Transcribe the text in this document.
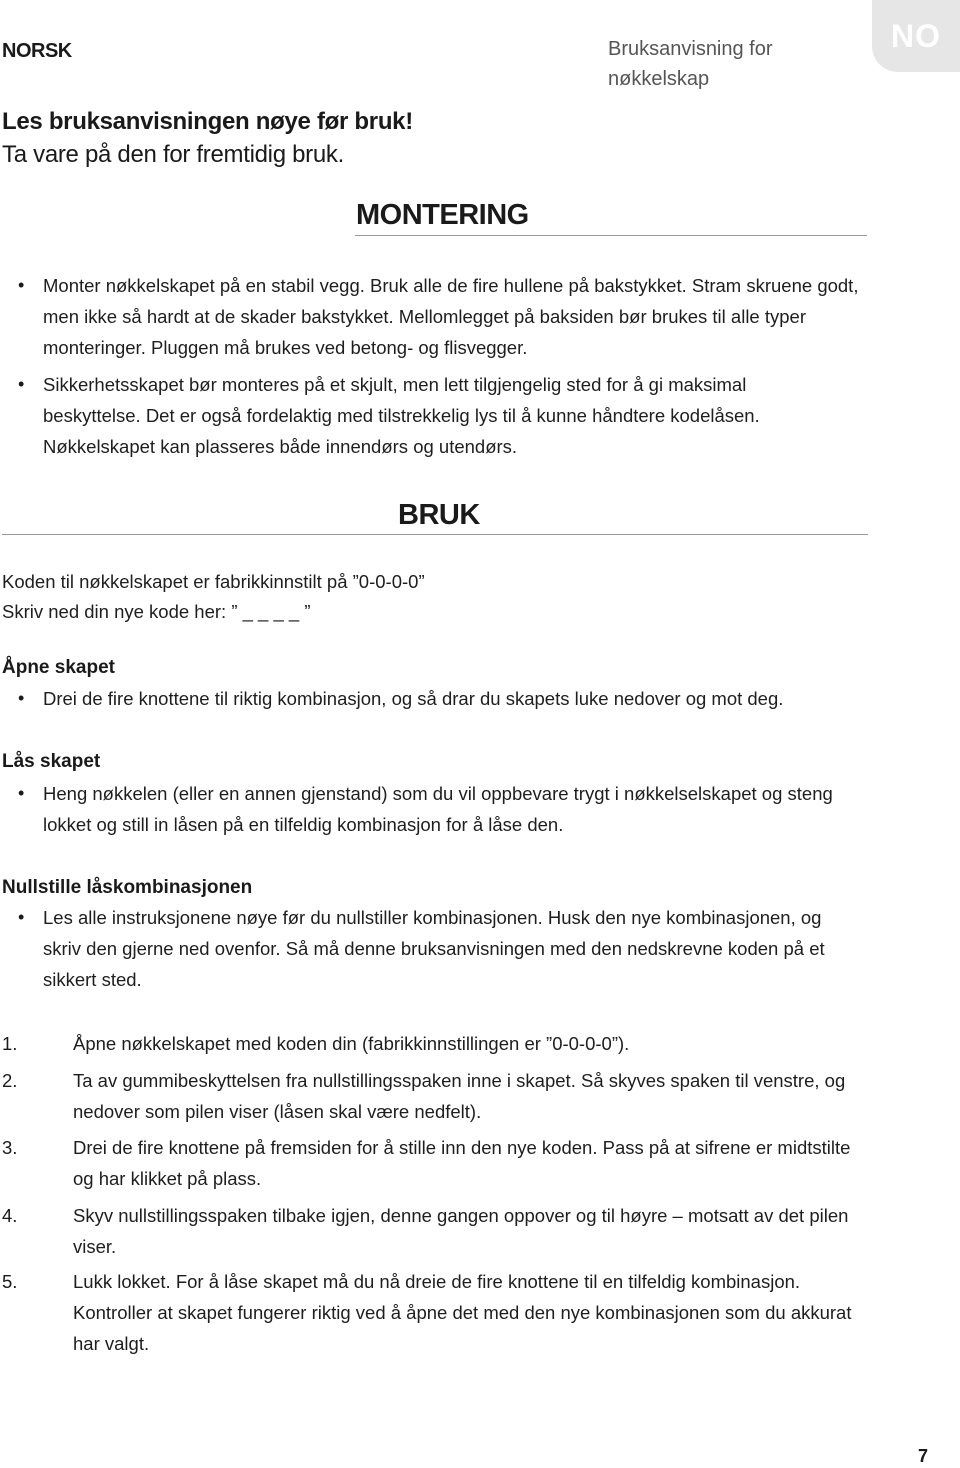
NORSK	Bruksanvisning for nøkkelskap
NO
Les bruksanvisningen nøye før bruk!
Ta vare på den for fremtidig bruk.
MONTERING
• Monter nøkkelskapet på en stabil vegg. Bruk alle de fire hullene på bakstykket. Stram skruene godt, men ikke så hardt at de skader bakstykket. Mellomlegget på baksiden bør brukes til alle typer monteringer. Pluggen må brukes ved betong- og flisvegger.
• Sikkerhetsskapet bør monteres på et skjult, men lett tilgjengelig sted for å gi maksimal beskyttelse. Det er også fordelaktig med tilstrekkelig lys til å kunne håndtere kodelåsen. Nøkkelskapet kan plasseres både innendørs og utendørs.
BRUK
Koden til nøkkelskapet er fabrikkinnstilt på ”0-0-0-0”
Skriv ned din nye kode her: ” _ _ _ _ ”
Åpne skapet
• Drei de fire knottene til riktig kombinasjon, og så drar du skapets luke nedover og mot deg.
Lås skapet
• Heng nøkkelen (eller en annen gjenstand) som du vil oppbevare trygt i nøkkelselskapet og steng lokket og still in låsen på en tilfeldig kombinasjon for å låse den.
Nullstille låskombinasjonen
• Les alle instruksjonene nøye før du nullstiller kombinasjonen. Husk den nye kombinasjonen, og skriv den gjerne ned ovenfor. Så må denne bruksanvisningen med den nedskrevne koden på et sikkert sted.
1.	Åpne nøkkelskapet med koden din (fabrikkinnstillingen er ”0-0-0-0”).
2.	Ta av gummibeskyttelsen fra nullstillingsspaken inne i skapet. Så skyves spaken til venstre, og nedover som pilen viser (låsen skal være nedfelt).
3.	Drei de fire knottene på fremsiden for å stille inn den nye koden. Pass på at sifrene er midtstilte og har klikket på plass.
4.	Skyv nullstillingsspaken tilbake igjen, denne gangen oppover og til høyre – motsatt av det pilen viser.
5.	Lukk lokket. For å låse skapet må du nå dreie de fire knottene til en tilfeldig kombinasjon. Kontroller at skapet fungerer riktig ved å åpne det med den nye kombinasjonen som du akkurat har valgt.
7
